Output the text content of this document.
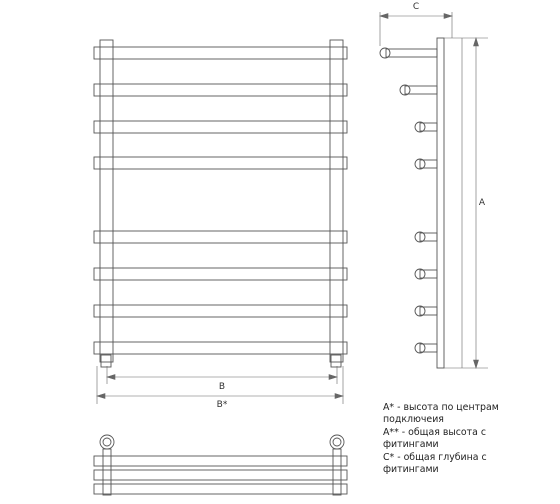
B
B*
C
A
A* - высота по центрам
подключеия
A** - общая высота с
фитингами
C* - общая глубина с
фитингами
